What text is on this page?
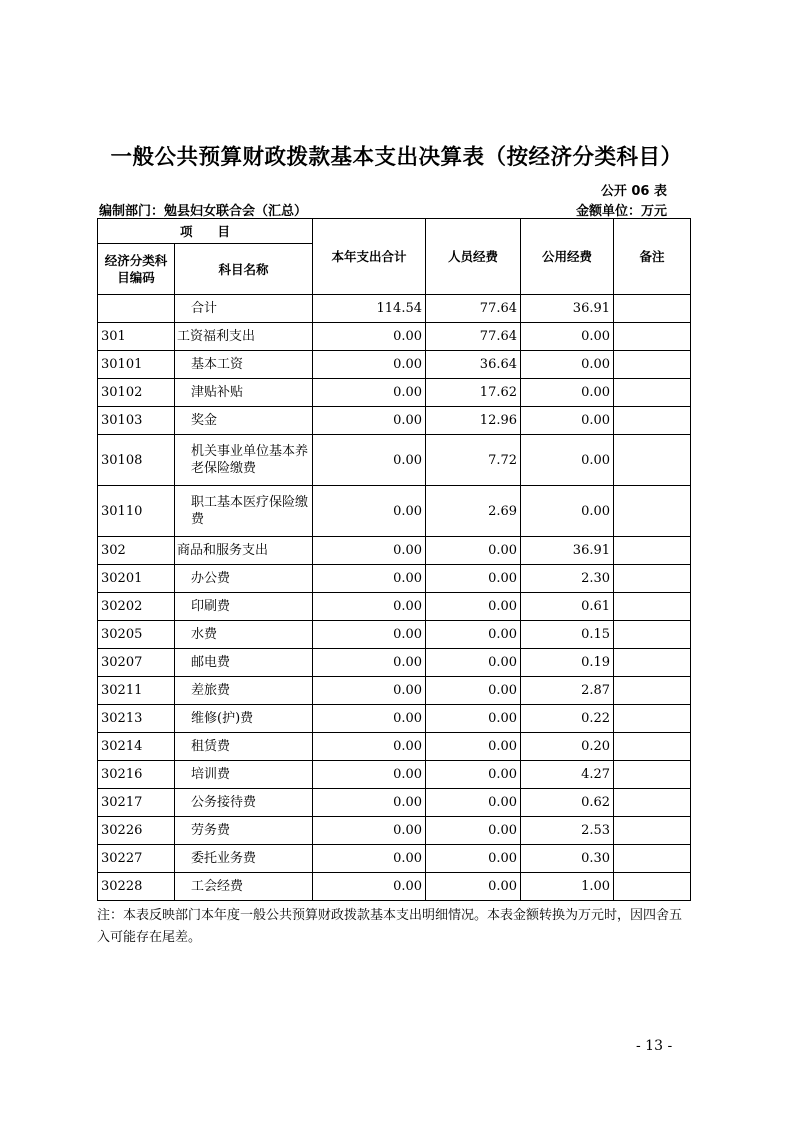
一般公共预算财政拨款基本支出决算表（按经济分类科目）
公开 06 表
编制部门：勉县妇女联合会（汇总）	金额单位：万元
项　　目		本年支出合计	人员经费	公用经费	备注
经济分类科目编码	科目名称				
	合计	114.54	77.64	36.91	
301	工资福利支出	0.00	77.64	0.00	
30101	基本工资	0.00	36.64	0.00	
30102	津贴补贴	0.00	17.62	0.00	
30103	奖金	0.00	12.96	0.00	
30108	机关事业单位基本养老保险缴费	0.00	7.72	0.00	
30110	职工基本医疗保险缴费	0.00	2.69	0.00	
302	商品和服务支出	0.00	0.00	36.91	
30201	办公费	0.00	0.00	2.30	
30202	印刷费	0.00	0.00	0.61	
30205	水费	0.00	0.00	0.15	
30207	邮电费	0.00	0.00	0.19	
30211	差旅费	0.00	0.00	2.87	
30213	维修(护)费	0.00	0.00	0.22	
30214	租赁费	0.00	0.00	0.20	
30216	培训费	0.00	0.00	4.27	
30217	公务接待费	0.00	0.00	0.62	
30226	劳务费	0.00	0.00	2.53	
30227	委托业务费	0.00	0.00	0.30	
30228	工会经费	0.00	0.00	1.00	
注：本表反映部门本年度一般公共预算财政拨款基本支出明细情况。本表金额转换为万元时，因四舍五入可能存在尾差。
- 13 -
